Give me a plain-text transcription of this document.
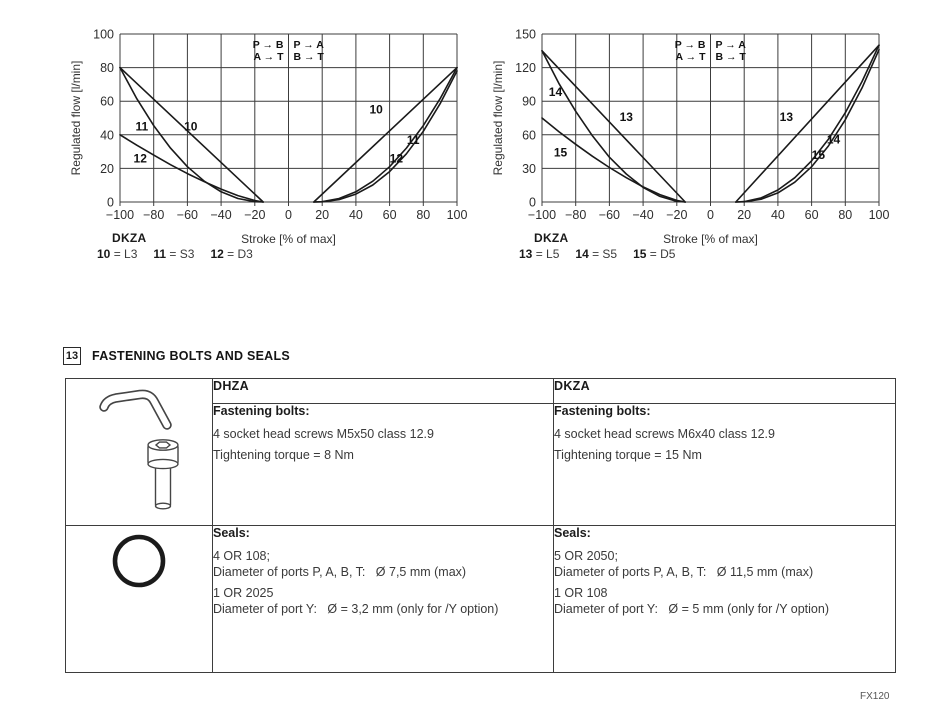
−100 −80 −60 −40 −20 0 20 40 60 80 100
0
20
40
60
80
100
P → B
A → T
P → A
B → T
11	10
12
10
11
12
Regulated flow [l/min]
Stroke [% of max]
−100 −80 −60 −40 −20 0 20 40 60 80 100
0
30
60
90
120
150
P → B
A → T
P → A
B → T
14
13
15
13
14
15
Regulated flow [l/min]
Stroke [% of max]
DKZA
10 = L3 11 = S3 12 = D3
DKZA
13 = L5 14 = S5 15 = D5
13 FASTENING BOLTS AND SEALS
	DHZA	DKZA

Fastening bolts:

4 socket head screws M5x50 class 12.9

Tightening torque = 8 Nm

Fastening bolts:

4 socket head screws M6x40 class 12.9

Tightening torque = 15 Nm

Seals:

4 OR 108;
Diameter of ports P, A, B, T:   Ø 7,5 mm (max)
1 OR 2025
Diameter of port Y:   Ø = 3,2 mm (only for /Y option)

Seals:

5 OR 2050;
Diameter of ports P, A, B, T:   Ø 11,5 mm (max)
1 OR 108
Diameter of port Y:   Ø = 5 mm (only for /Y option)
FX120
